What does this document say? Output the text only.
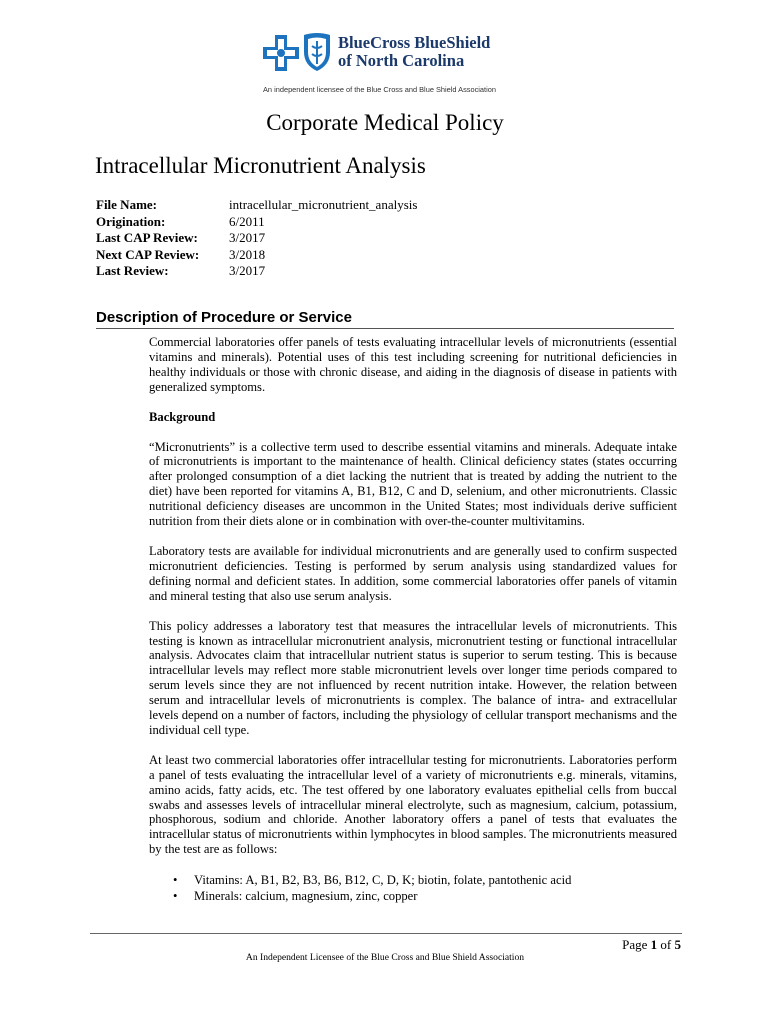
BlueCross BlueShield
of North Carolina
An independent licensee of the Blue Cross and Blue Shield Association
Corporate Medical Policy
Intracellular Micronutrient Analysis
File Name:	intracellular_micronutrient_analysis
Origination:	6/2011
Last CAP Review:	3/2017
Next CAP Review:	3/2018
Last Review:	3/2017
Description of Procedure or Service

Commercial laboratories offer panels of tests evaluating intracellular levels of micronutrients (essential vitamins and minerals). Potential uses of this test including screening for nutritional deficiencies in healthy individuals or those with chronic disease, and aiding in the diagnosis of disease in patients with generalized symptoms.

Background

“Micronutrients” is a collective term used to describe essential vitamins and minerals. Adequate intake of micronutrients is important to the maintenance of health. Clinical deficiency states (states occurring after prolonged consumption of a diet lacking the nutrient that is treated by adding the nutrient to the diet) have been reported for vitamins A, B1, B12, C and D, selenium, and other micronutrients. Classic nutritional deficiency diseases are uncommon in the United States; most individuals derive sufficient nutrition from their diets alone or in combination with over-the-counter multivitamins.

Laboratory tests are available for individual micronutrients and are generally used to confirm suspected micronutrient deficiencies. Testing is performed by serum analysis using standardized values for defining normal and deficient states. In addition, some commercial laboratories offer panels of vitamin and mineral testing that also use serum analysis.

This policy addresses a laboratory test that measures the intracellular levels of micronutrients. This testing is known as intracellular micronutrient analysis, micronutrient testing or functional intracellular analysis. Advocates claim that intracellular nutrient status is superior to serum testing. This is because intracellular levels may reflect more stable micronutrient levels over longer time periods compared to serum levels since they are not influenced by recent nutrition intake. However, the relation between serum and intracellular levels of micronutrients is complex. The balance of intra- and extracellular levels depend on a number of factors, including the physiology of cellular transport mechanisms and the individual cell type.

At least two commercial laboratories offer intracellular testing for micronutrients. Laboratories perform a panel of tests evaluating the intracellular level of a variety of micronutrients e.g. minerals, vitamins, amino acids, fatty acids, etc. The test offered by one laboratory evaluates epithelial cells from buccal swabs and assesses levels of intracellular mineral electrolyte, such as magnesium, calcium, potassium, phosphorous, sodium and chloride. Another laboratory offers a panel of tests that evaluates the intracellular status of micronutrients within lymphocytes in blood samples. The micronutrients measured by the test are as follows:

• Vitamins: A, B1, B2, B3, B6, B12, C, D, K; biotin, folate, pantothenic acid
• Minerals: calcium, magnesium, zinc, copper
Page 1 of 5
An Independent Licensee of the Blue Cross and Blue Shield Association
